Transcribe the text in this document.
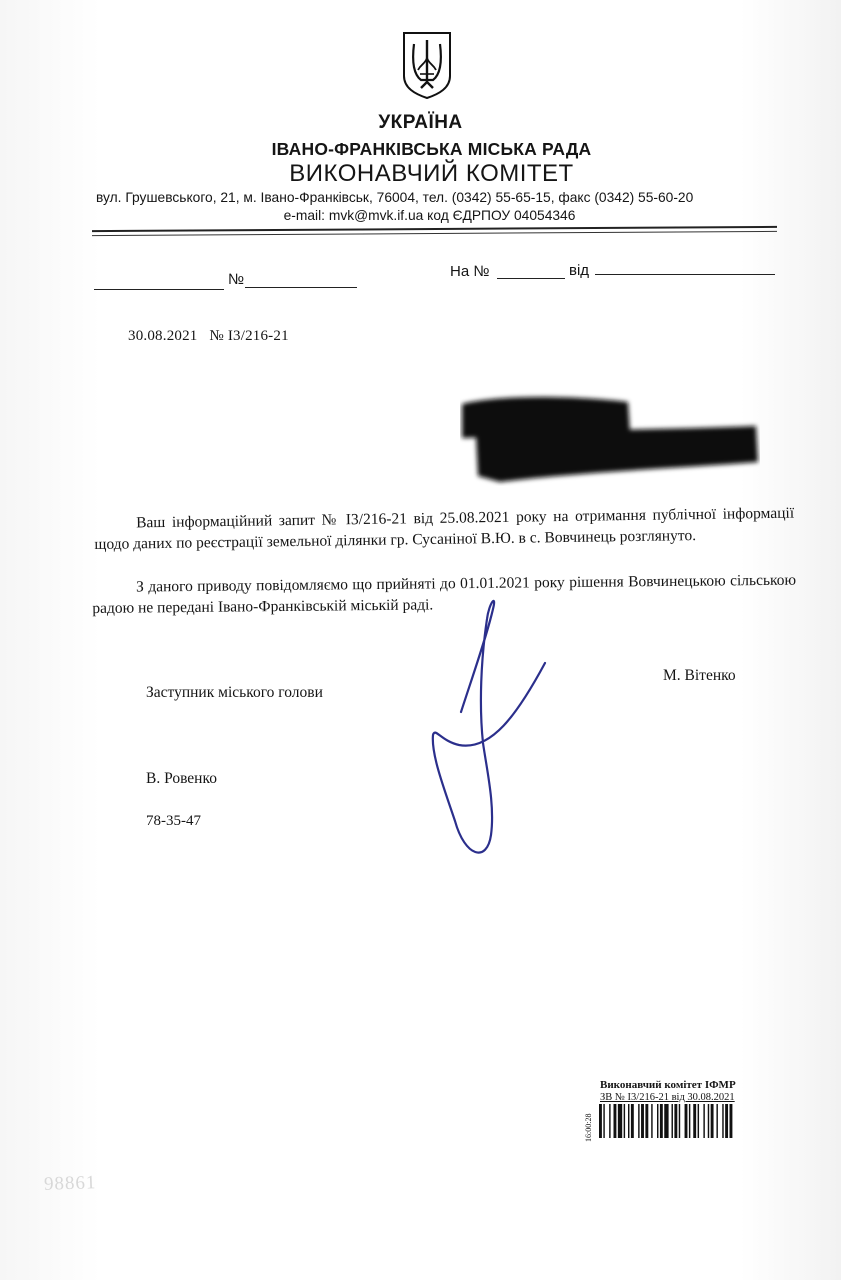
УКРАЇНА
ІВАНО-ФРАНКІВСЬКА МІСЬКА РАДА
ВИКОНАВЧИЙ КОМІТЕТ
вул. Грушевського, 21, м. Івано-Франківськ, 76004, тел. (0342) 55-65-15, факс (0342) 55-60-20
e-mail: mvk@mvk.if.ua код ЄДРПОУ 04054346
№	На №	від
30.08.2021 № І3/216-21
Ваш інформаційний запит № І3/216-21 від 25.08.2021 року на отримання публічної інформації щодо даних по реєстрації земельної ділянки гр. Сусаніної В.Ю. в с. Вовчинець розглянуто.
З даного приводу повідомляємо що прийняті до 01.01.2021 року рішення Вовчинецькою сільською радою не передані Івано-Франківській міській раді.
Заступник міського голови
М. Вітенко
В. Ровенко
78-35-47
Виконавчий комітет ІФМР
ЗВ № І3/216-21 від 30.08.2021
16:00:28
98861
